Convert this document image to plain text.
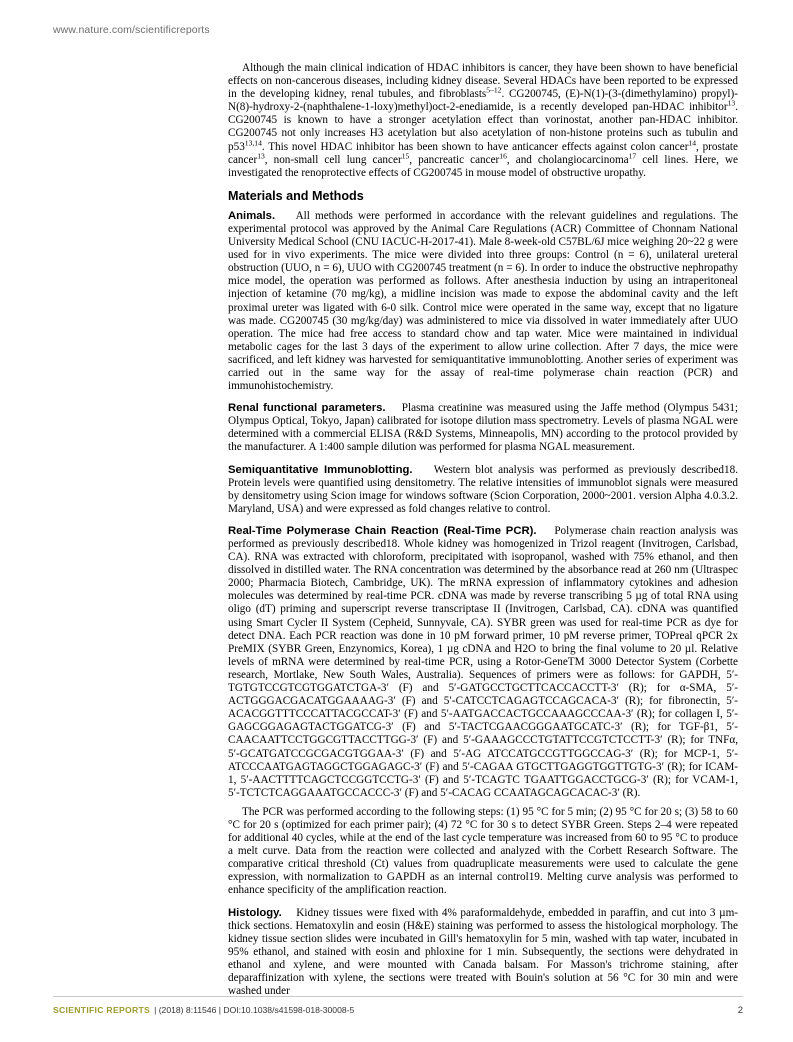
www.nature.com/scientificreports

Although the main clinical indication of HDAC inhibitors is cancer, they have been shown to have beneficial effects on non-cancerous diseases, including kidney disease. Several HDACs have been reported to be expressed in the developing kidney, renal tubules, and fibroblasts$^{5-12}$. CG200745, (E)-N(1)-(3-(dimethylamino) propyl)-N(8)-hydroxy-2-(naphthalene-1-loxy)methyl)oct-2-enediamide, is a recently developed pan-HDAC inhibitor$^{13}$. CG200745 is known to have a stronger acetylation effect than vorinostat, another pan-HDAC inhibitor. CG200745 not only increases H3 acetylation but also acetylation of non-histone proteins such as tubulin and p53$^{13,14}$. This novel HDAC inhibitor has been shown to have anticancer effects against colon cancer$^{14}$, prostate cancer$^{13}$, non-small cell lung cancer$^{15}$, pancreatic cancer$^{16}$, and cholangiocarcinoma$^{17}$ cell lines. Here, we investigated the renoprotective effects of CG200745 in mouse model of obstructive uropathy.

Materials and Methods

Animals. All methods were performed in accordance with the relevant guidelines and regulations. The experimental protocol was approved by the Animal Care Regulations (ACR) Committee of Chonnam National University Medical School (CNU IACUC-H-2017-41). Male 8-week-old C57BL/6J mice weighing 20~22 g were used for in vivo experiments. The mice were divided into three groups: Control (n = 6), unilateral ureteral obstruction (UUO, n = 6), UUO with CG200745 treatment (n = 6). In order to induce the obstructive nephropathy mice model, the operation was performed as follows. After anesthesia induction by using an intraperitoneal injection of ketamine (70 mg/kg), a midline incision was made to expose the abdominal cavity and the left proximal ureter was ligated with 6-0 silk. Control mice were operated in the same way, except that no ligature was made. CG200745 (30 mg/kg/day) was administered to mice via dissolved in water immediately after UUO operation. The mice had free access to standard chow and tap water. Mice were maintained in individual metabolic cages for the last 3 days of the experiment to allow urine collection. After 7 days, the mice were sacrificed, and left kidney was harvested for semiquantitative immunoblotting. Another series of experiment was carried out in the same way for the assay of real-time polymerase chain reaction (PCR) and immunohistochemistry.

Renal functional parameters. Plasma creatinine was measured using the Jaffe method (Olympus 5431; Olympus Optical, Tokyo, Japan) calibrated for isotope dilution mass spectrometry. Levels of plasma NGAL were determined with a commercial ELISA (R&D Systems, Minneapolis, MN) according to the protocol provided by the manufacturer. A 1:400 sample dilution was performed for plasma NGAL measurement.

Semiquantitative Immunoblotting. Western blot analysis was performed as previously described18. Protein levels were quantified using densitometry. The relative intensities of immunoblot signals were measured by densitometry using Scion image for windows software (Scion Corporation, 2000~2001. version Alpha 4.0.3.2. Maryland, USA) and were expressed as fold changes relative to control.

Real-Time Polymerase Chain Reaction (Real-Time PCR). Polymerase chain reaction analysis was performed as previously described18. Whole kidney was homogenized in Trizol reagent (Invitrogen, Carlsbad, CA). RNA was extracted with chloroform, precipitated with isopropanol, washed with 75% ethanol, and then dissolved in distilled water. The RNA concentration was determined by the absorbance read at 260 nm (Ultraspec 2000; Pharmacia Biotech, Cambridge, UK). The mRNA expression of inflammatory cytokines and adhesion molecules was determined by real-time PCR. cDNA was made by reverse transcribing 5 µg of total RNA using oligo (dT) priming and superscript reverse transcriptase II (Invitrogen, Carlsbad, CA). cDNA was quantified using Smart Cycler II System (Cepheid, Sunnyvale, CA). SYBR green was used for real-time PCR as dye for detect DNA. Each PCR reaction was done in 10 pM forward primer, 10 pM reverse primer, TOPreal qPCR 2x PreMIX (SYBR Green, Enzynomics, Korea), 1 µg cDNA and H2O to bring the final volume to 20 µl. Relative levels of mRNA were determined by real-time PCR, using a Rotor-GeneTM 3000 Detector System (Corbette research, Mortlake, New South Wales, Australia). Sequences of primers were as follows: for GAPDH, 5′-TGTGTCCGTCGTGGATCTGA-3′ (F) and 5′-GATGCCTGCTTCACCACCTT-3′ (R); for α-SMA, 5′-ACTGGGACGACATGGAAAAG-3′ (F) and 5′-CATCCTCAGAGTCCAGCACA-3′ (R); for fibronectin, 5′-ACACGGTTTCCCATTACGCCAT-3′ (F) and 5′-AATGACCACTGCCAAAGCCCAA-3′ (R); for collagen I, 5′-GAGCGGAGAGTACTGGATCG-3′ (F) and 5′-TACTCGAACGGGAATGCATC-3′ (R); for TGF-β1, 5′-CAACAATTCCTGGCGTTACCTTGG-3′ (F) and 5′-GAAAGCCCTGTATTCCGTCTCCTT-3′ (R); for TNFα, 5′-GCATGATCCGCGACGTGGAA-3′ (F) and 5′-AG ATCCATGCCGTTGGCCAG-3′ (R); for MCP-1, 5′-ATCCCAATGAGTAGGCTGGAGAGC-3′ (F) and 5′-CAGAA GTGCTTGAGGTGGTTGTG-3′ (R); for ICAM-1, 5′-AACTTTTCAGCTCCGGTCCTG-3′ (F) and 5′-TCAGTC TGAATTGGACCTGCG-3′ (R); for VCAM-1, 5′-TCTCTCAGGAAATGCCACCC-3′ (F) and 5′-CACAG CCAATAGCAGCACAC-3′ (R).

The PCR was performed according to the following steps: (1) 95 °C for 5 min; (2) 95 °C for 20 s; (3) 58 to 60 °C for 20 s (optimized for each primer pair); (4) 72 °C for 30 s to detect SYBR Green. Steps 2–4 were repeated for additional 40 cycles, while at the end of the last cycle temperature was increased from 60 to 95 °C to produce a melt curve. Data from the reaction were collected and analyzed with the Corbett Research Software. The comparative critical threshold (Ct) values from quadruplicate measurements were used to calculate the gene expression, with normalization to GAPDH as an internal control19. Melting curve analysis was performed to enhance specificity of the amplification reaction.

Histology. Kidney tissues were fixed with 4% paraformaldehyde, embedded in paraffin, and cut into 3 µm-thick sections. Hematoxylin and eosin (H&E) staining was performed to assess the histological morphology. The kidney tissue section slides were incubated in Gill's hematoxylin for 5 min, washed with tap water, incubated in 95% ethanol, and stained with eosin and phloxine for 1 min. Subsequently, the sections were dehydrated in ethanol and xylene, and were mounted with Canada balsam. For Masson's trichrome staining, after deparaffinization with xylene, the sections were treated with Bouin's solution at 56 °C for 30 min and were washed under

SCIENTIFIC REPORTS | (2018) 8:11546 | DOI:10.1038/s41598-018-30008-5	2
